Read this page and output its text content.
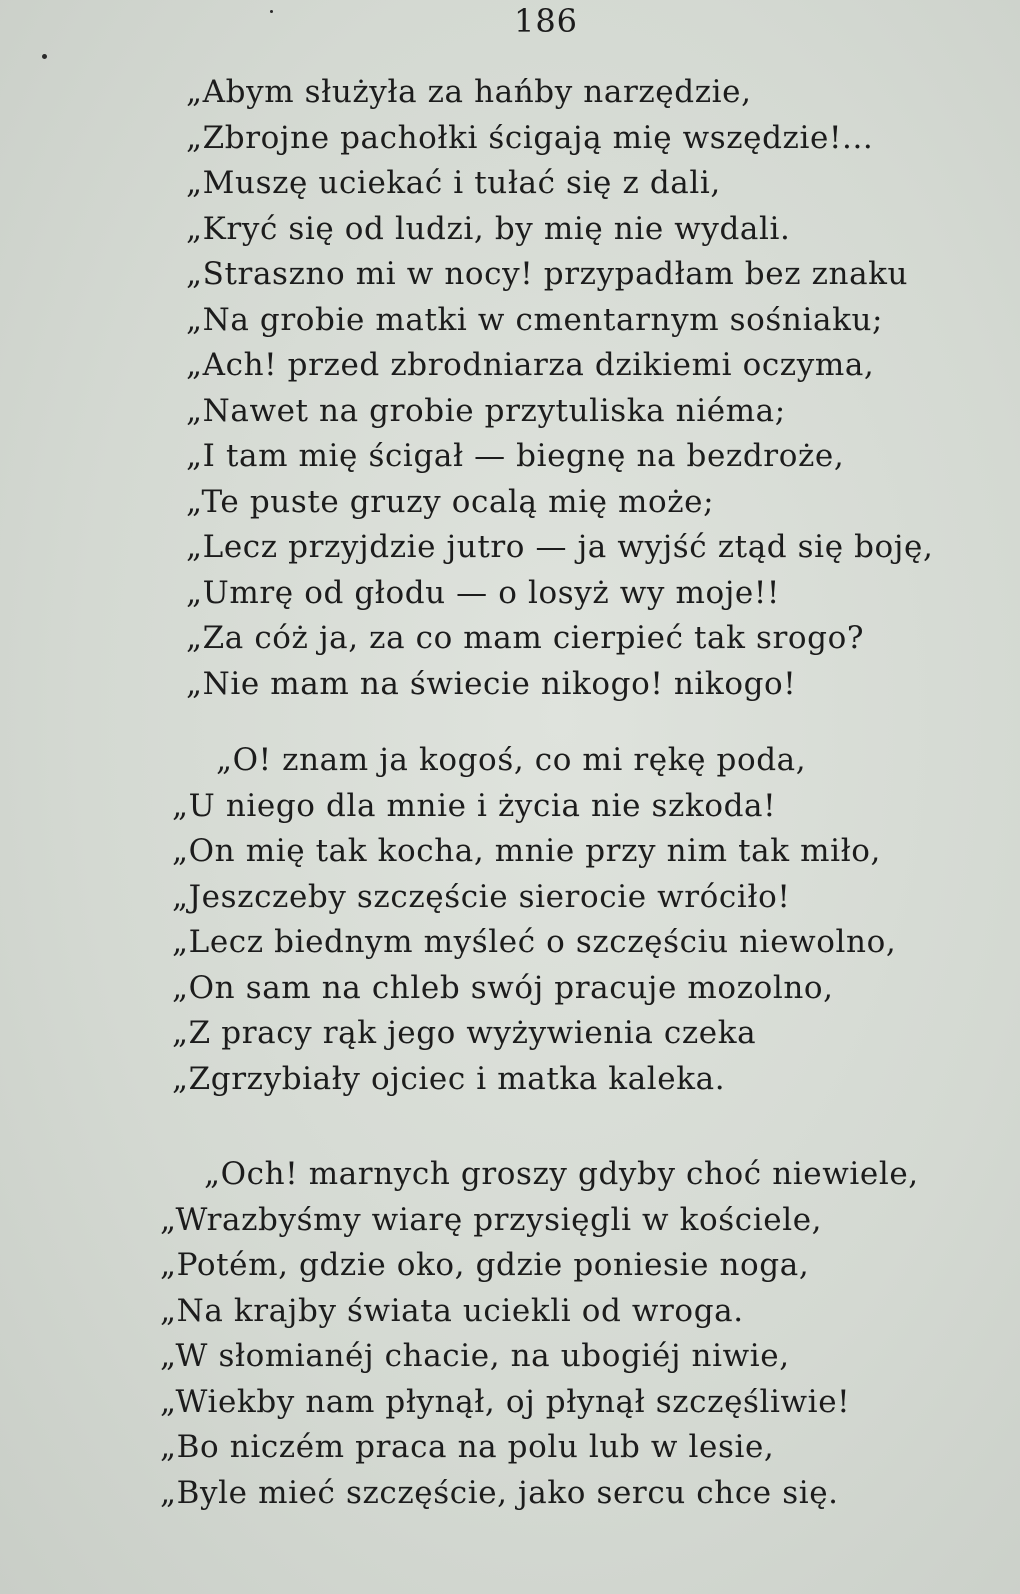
186
„Abym służyła za hańby narzędzie,
„Zbrojne pachołki ścigają mię wszędzie!...
„Muszę uciekać i tułać się z dali,
„Kryć się od ludzi, by mię nie wydali.
„Straszno mi w nocy! przypadłam bez znaku
„Na grobie matki w cmentarnym sośniaku;
„Ach! przed zbrodniarza dzikiemi oczyma,
„Nawet na grobie przytuliska niéma;
„I tam mię ścigał — biegnę na bezdroże,
„Te puste gruzy ocalą mię może;
„Lecz przyjdzie jutro — ja wyjść ztąd się boję,
„Umrę od głodu — o losyż wy moje!!
„Za cóż ja, za co mam cierpieć tak srogo?
„Nie mam na świecie nikogo! nikogo!
„O! znam ja kogoś, co mi rękę poda,
„U niego dla mnie i życia nie szkoda!
„On mię tak kocha, mnie przy nim tak miło,
„Jeszczeby szczęście sierocie wróciło!
„Lecz biednym myśleć o szczęściu niewolno,
„On sam na chleb swój pracuje mozolno,
„Z pracy rąk jego wyżywienia czeka
„Zgrzybiały ojciec i matka kaleka.
„Och! marnych groszy gdyby choć niewiele,
„Wrazbyśmy wiarę przysięgli w kościele,
„Potém, gdzie oko, gdzie poniesie noga,
„Na krajby świata uciekli od wroga.
„W słomianéj chacie, na ubogiéj niwie,
„Wiekby nam płynął, oj płynął szczęśliwie!
„Bo niczém praca na polu lub w lesie,
„Byle mieć szczęście, jako sercu chce się.
